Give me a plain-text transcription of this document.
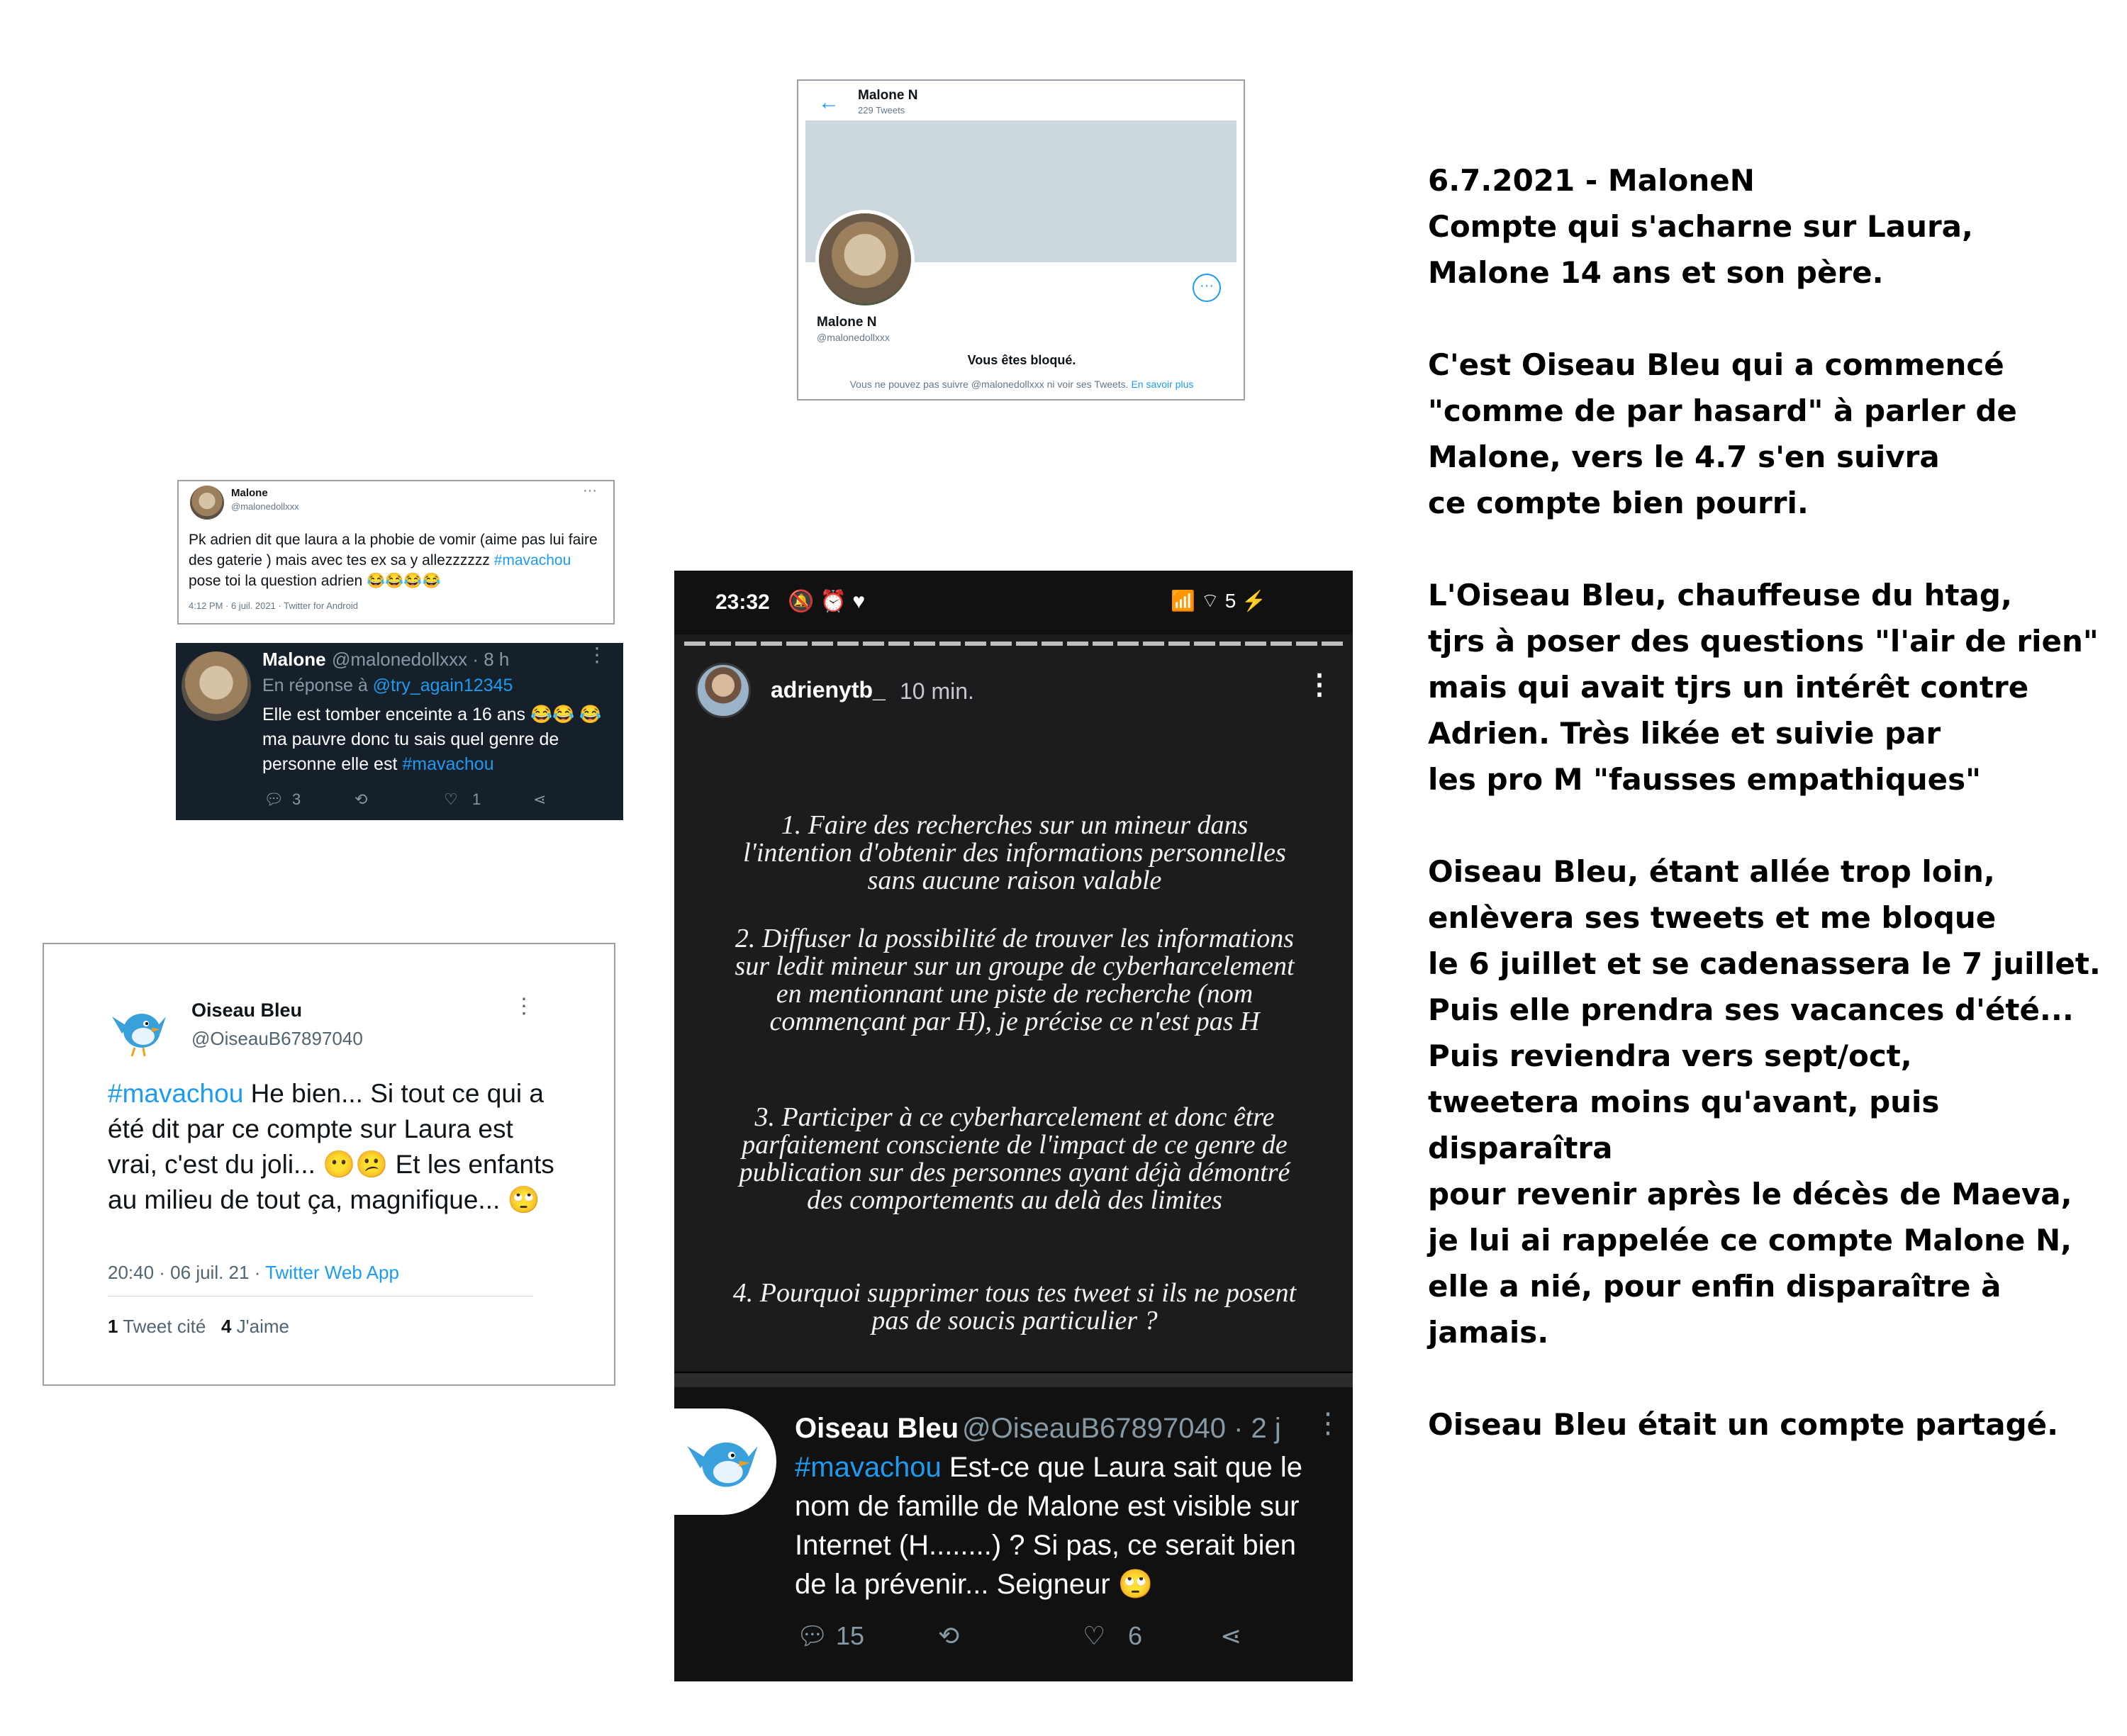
← Malone N
229 Tweets
···
Malone N
@malonedollxxx
Vous êtes bloqué.
Vous ne pouvez pas suivre @malonedollxxx ni voir ses Tweets. En savoir plus
Malone
@malonedollxxx
···
Pk adrien dit que laura a la phobie de vomir (aime pas lui faire des gaterie ) mais avec tes ex sa y allezzzzzz #mavachou pose toi la question adrien 😂😂😂😂
4:12 PM · 6 juil. 2021 · Twitter for Android
Malone @malonedollxxx · 8 h	⋮
En réponse à @try_again12345
Elle est tomber enceinte a 16 ans 😂😂 😂 ma pauvre donc tu sais quel genre de personne elle est #mavachou
💬︎ 3	⟲	♡ 1	⋖
Oiseau Bleu
@OiseauB67897040
⋮
#mavachou He bien... Si tout ce qui a été dit par ce compte sur Laura est vrai, c'est du joli... 😶😕 Et les enfants au milieu de tout ça, magnifique... 🙄
20:40 · 06 juil. 21 · Twitter Web App
1 Tweet cité 4 J'aime
23:32 🔕 ⏰ ♥	📶 ⌔ 5 ⚡
adrienytb_ 10 min.	⋮
1. Faire des recherches sur un mineur dans l'intention d'obtenir des informations personnelles sans aucune raison valable
2. Diffuser la possibilité de trouver les informations sur ledit mineur sur un groupe de cyberharcelement en mentionnant une piste de recherche (nom commençant par H), je précise ce n'est pas H
3. Participer à ce cyberharcelement et donc être parfaitement consciente de l'impact de ce genre de publication sur des personnes ayant déjà démontré des comportements au delà des limites
4. Pourquoi supprimer tous tes tweet si ils ne posent pas de soucis particulier ?
Oiseau Bleu @OiseauB67897040 · 2 j ⋮
#mavachou Est-ce que Laura sait que le nom de famille de Malone est visible sur Internet (H........) ? Si pas, ce serait bien de la prévenir... Seigneur 🙄
💬︎ 15	⟲	♡ 6	⋖

6.7.2021 - MaloneN
Compte qui s'acharne sur Laura,
Malone 14 ans et son père.

C'est Oiseau Bleu qui a commencé
"comme de par hasard" à parler de
Malone, vers le 4.7 s'en suivra
ce compte bien pourri.

L'Oiseau Bleu, chauffeuse du htag,
tjrs à poser des questions "l'air de rien"
mais qui avait tjrs un intérêt contre
Adrien. Très likée et suivie par
les pro M "fausses empathiques"

Oiseau Bleu, étant allée trop loin,
enlèvera ses tweets et me bloque
le 6 juillet et se cadenassera le 7 juillet.
Puis elle prendra ses vacances d'été...
Puis reviendra vers sept/oct,
tweetera moins qu'avant, puis disparaîtra
pour revenir après le décès de Maeva,
je lui ai rappelée ce compte Malone N,
elle a nié, pour enfin disparaître à jamais.

Oiseau Bleu était un compte partagé.
